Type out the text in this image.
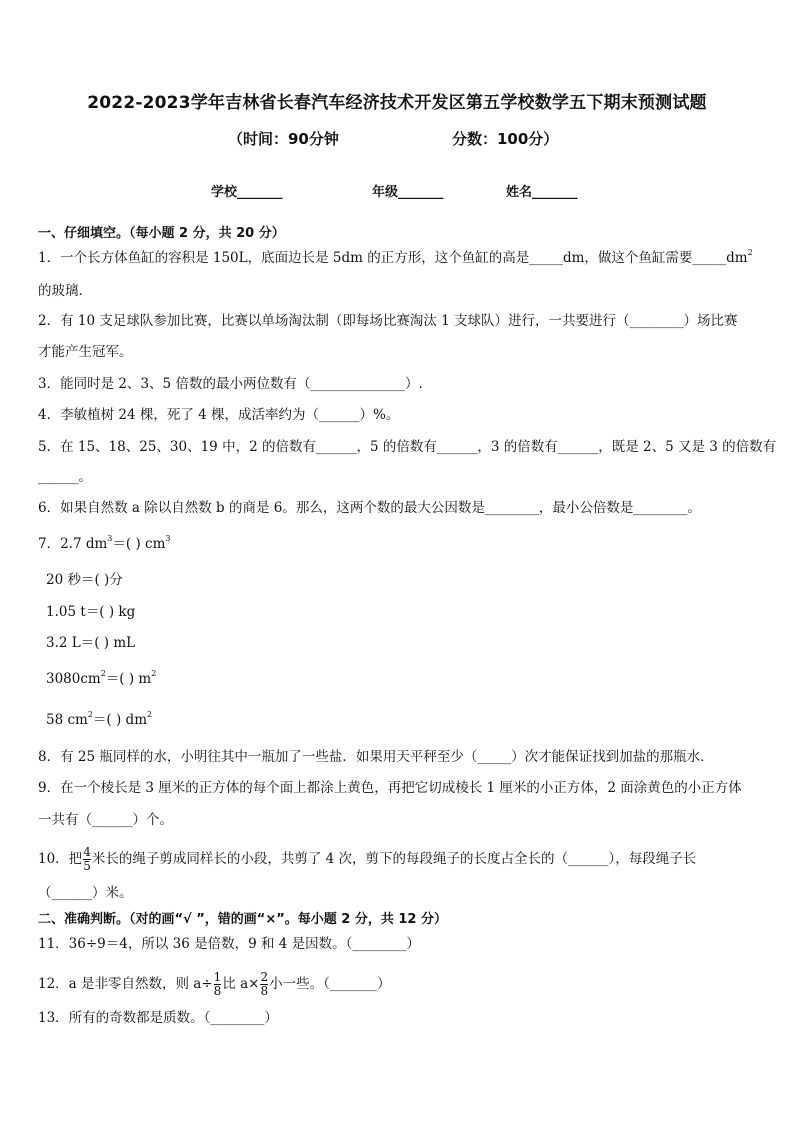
2022-2023学年吉林省长春汽车经济技术开发区第五学校数学五下期末预测试题
（时间：90分钟	分数：100分）
学校_______	年级_______	姓名_______
一、仔细填空。（每小题 2 分，共 20 分）
1．一个长方体鱼缸的容积是 150L，底面边长是 5dm 的正方形，这个鱼缸的高是_____dm，做这个鱼缸需要$\_\_\_\_\_dm^2$
的玻璃．
2．有 10 支足球队参加比赛，比赛以单场淘汰制（即每场比赛淘汰 1 支球队）进行，一共要进行（________）场比赛
才能产生冠军。
3．能同时是 2、3、5 倍数的最小两位数有（______________）.
4．李敏植树 24 棵，死了 4 棵，成活率约为（______）%。
5．在 15、18、25、30、19 中，2 的倍数有______，5 的倍数有______，3 的倍数有______，既是 2、5 又是 3 的倍数有
______。
6．如果自然数 a 除以自然数 b 的商是 6。那么，这两个数的最大公因数是________，最小公倍数是________。
7．2.7 $dm^3=$( ) $cm^3$
20 秒＝( )分
1.05 t＝( ) kg
3.2 L＝( ) mL
$3080cm^2=$( ) $m^2$
58 $cm^2=$( ) $dm^2$
8．有 25 瓶同样的水，小明往其中一瓶加了一些盐．如果用天平秤至少（_____）次才能保证找到加盐的那瓶水．
9．在一个棱长是 3 厘米的正方体的每个面上都涂上黄色，再把它切成棱长 1 厘米的小正方体，2 面涂黄色的小正方体
一共有（______）个。
10．把 $\frac{4}{5}$ 米长的绳子剪成同样长的小段，共剪了 4 次，剪下的每段绳子的长度占全长的（______），每段绳子长
（______）米。
二、准确判断。（对的画“√ ”，错的画“×”。每小题 2 分，共 12 分）
11．36÷9＝4，所以 36 是倍数，9 和 4 是因数。（________）
12．a 是非零自然数，则 $a\div \frac{1}{8}$ 比 $a\times \frac{2}{8}$ 小一些。（_______）
13．所有的奇数都是质数。（________）
